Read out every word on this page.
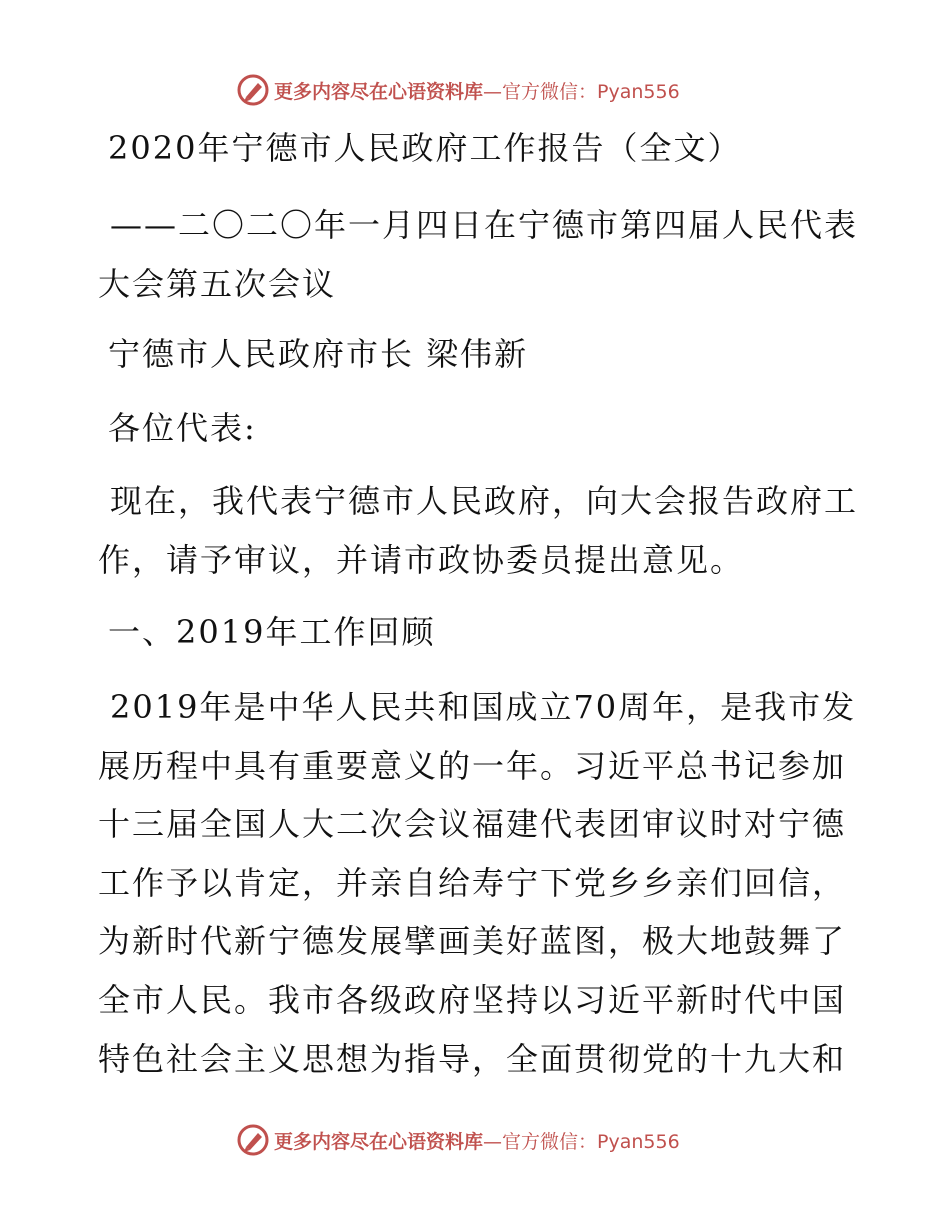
更多内容尽在心语资料库 —官方微信：Pyan556
2020年宁德市人民政府工作报告（全文）
——二〇二〇年一月四日在宁德市第四届人民代表大会第五次会议
宁德市人民政府市长 梁伟新
各位代表:
现在，我代表宁德市人民政府，向大会报告政府工作，请予审议，并请市政协委员提出意见。
一、2019年工作回顾
2019年是中华人民共和国成立70周年，是我市发展历程中具有重要意义的一年。习近平总书记参加十三届全国人大二次会议福建代表团审议时对宁德工作予以肯定，并亲自给寿宁下党乡乡亲们回信，为新时代新宁德发展擘画美好蓝图，极大地鼓舞了全市人民。我市各级政府坚持以习近平新时代中国特色社会主义思想为指导，全面贯彻党的十九大和
更多内容尽在心语资料库 —官方微信：Pyan556
